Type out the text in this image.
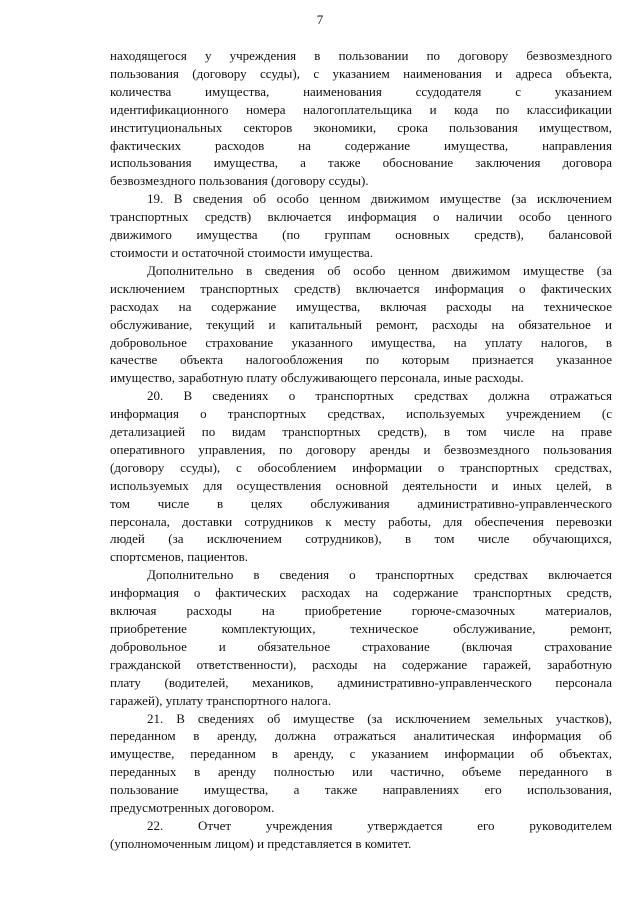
7

находящегося у учреждения в пользовании по договору безвозмездного
пользования (договору ссуды), с указанием наименования и адреса объекта,
количества имущества, наименования ссудодателя с указанием
идентификационного номера налогоплательщика и кода по классификации
институциональных секторов экономики, срока пользования имуществом,
фактических расходов на содержание имущества, направления
использования имущества, а также обоснование заключения договора
безвозмездного пользования (договору ссуды).

19. В сведения об особо ценном движимом имуществе (за исключением
транспортных средств) включается информация о наличии особо ценного
движимого имущества (по группам основных средств), балансовой
стоимости и остаточной стоимости имущества.

Дополнительно в сведения об особо ценном движимом имуществе (за
исключением транспортных средств) включается информация о фактических
расходах на содержание имущества, включая расходы на техническое
обслуживание, текущий и капитальный ремонт, расходы на обязательное и
добровольное страхование указанного имущества, на уплату налогов, в
качестве объекта налогообложения по которым признается указанное
имущество, заработную плату обслуживающего персонала, иные расходы.

20. В сведениях о транспортных средствах должна отражаться
информация о транспортных средствах, используемых учреждением (с
детализацией по видам транспортных средств), в том числе на праве
оперативного управления, по договору аренды и безвозмездного пользования
(договору ссуды), с обособлением информации о транспортных средствах,
используемых для осуществления основной деятельности и иных целей, в
том числе в целях обслуживания административно-управленческого
персонала, доставки сотрудников к месту работы, для обеспечения перевозки
людей (за исключением сотрудников), в том числе обучающихся,
спортсменов, пациентов.

Дополнительно в сведения о транспортных средствах включается
информация о фактических расходах на содержание транспортных средств,
включая расходы на приобретение горюче-смазочных материалов,
приобретение комплектующих, техническое обслуживание, ремонт,
добровольное и обязательное страхование (включая страхование
гражданской ответственности), расходы на содержание гаражей, заработную
плату (водителей, механиков, административно-управленческого персонала
гаражей), уплату транспортного налога.

21. В сведениях об имуществе (за исключением земельных участков),
переданном в аренду, должна отражаться аналитическая информация об
имуществе, переданном в аренду, с указанием информации об объектах,
переданных в аренду полностью или частично, объеме переданного в
пользование имущества, а также направлениях его использования,
предусмотренных договором.

22. Отчет учреждения утверждается его руководителем
(уполномоченным лицом) и представляется в комитет.
